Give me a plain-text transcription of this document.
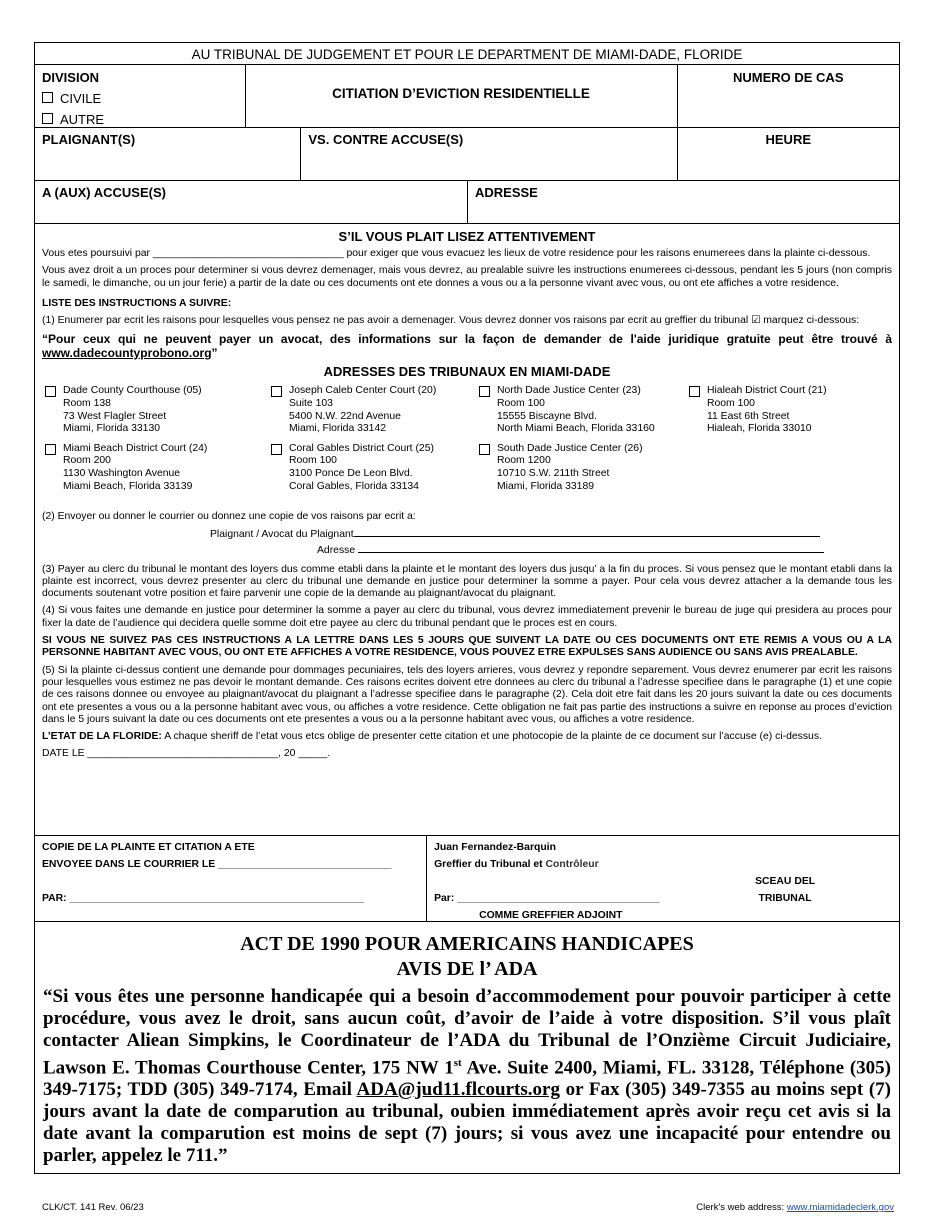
AU TRIBUNAL DE JUDGEMENT ET POUR LE DEPARTMENT DE MIAMI-DADE, FLORIDE
DIVISION
CIVILE
AUTRE
CITIATION D’EVICTION RESIDENTIELLE
NUMERO DE CAS
PLAIGNANT(S)	VS. CONTRE ACCUSE(S)	HEURE
A (AUX) ACCUSE(S)	ADRESSE
S’IL VOUS PLAIT LISEZ ATTENTIVEMENT

Vous etes poursuivi par _________________________________ pour exiger que vous evacuez les lieux de votre residence pour les raisons enumerees dans la plainte ci-dessous.

Vous avez droit a un proces pour determiner si vous devrez demenager, mais vous devrez, au prealable suivre les instructions enumerees ci-dessous, pendant les 5 jours (non compris le samedi, le dimanche, ou un jour ferie) a partir de la date ou ces documents ont ete donnes a vous ou a la personne vivant avec vous, ou ont ete affiches a votre residence.

LISTE DES INSTRUCTIONS A SUIVRE:

(1) Enumerer par ecrit les raisons pour lesquelles vous pensez ne pas avoir a demenager. Vous devrez donner vos raisons par ecrit au greffier du tribunal ☑ marquez ci-dessous:

“Pour ceux qui ne peuvent payer un avocat, des informations sur la façon de demander de l'aide juridique gratuite peut être trouvé à www.dadecountyprobono.org”

ADRESSES DES TRIBUNAUX EN MIAMI-DADE
Dade County Courthouse (05)
Room 138
73 West Flagler Street
Miami, Florida 33130
Joseph Caleb Center Court (20)
Suite 103
5400 N.W. 22nd Avenue
Miami, Florida 33142
North Dade Justice Center (23)
Room 100
15555 Biscayne Blvd.
North Miami Beach, Florida 33160
Hialeah District Court (21)
Room 100
11 East 6th Street
Hialeah, Florida 33010
Miami Beach District Court (24)
Room 200
1130 Washington Avenue
Miami Beach, Florida 33139
Coral Gables District Court (25)
Room 100
3100 Ponce De Leon Blvd.
Coral Gables, Florida 33134
South Dade Justice Center (26)
Room 1200
10710 S.W. 211th Street
Miami, Florida 33189

(2) Envoyer ou donner le courrier ou donnez une copie de vos raisons par ecrit a:

Plaignant / Avocat du Plaignant
Adresse

(3) Payer au clerc du tribunal le montant des loyers dus comme etabli dans la plainte et le montant des loyers dus jusqu’ a la fin du proces. Si vous pensez que le montant etabli dans la plainte est incorrect, vous devrez presenter au clerc du tribunal une demande en justice pour determiner la somme a payer. Pour cela vous devrez attacher a la demande tous les documents soutenant votre position et faire parvenir une copie de la demande au plaignant/avocat du plaignant.

(4) Si vous faites une demande en justice pour determiner la somme a payer au clerc du tribunal, vous devrez immediatement prevenir le bureau de juge qui presidera au proces pour fixer la date de l’audience qui decidera quelle somme doit etre payee au clerc du tribunal pendant que le proces est en cours.

SI VOUS NE SUIVEZ PAS CES INSTRUCTIONS A LA LETTRE DANS LES 5 JOURS QUE SUIVENT LA DATE OU CES DOCUMENTS ONT ETE REMIS A VOUS OU A LA PERSONNE HABITANT AVEC VOUS, OU ONT ETE AFFICHES A VOTRE RESIDENCE, VOUS POUVEZ ETRE EXPULSES SANS AUDIENCE OU SANS AVIS PREALABLE.

(5) Si la plainte ci-dessus contient une demande pour dommages pecuniaires, tels des loyers arrieres, vous devrez y repondre separement. Vous devrez enumerer par ecrit les raisons pour lesquelles vous estimez ne pas devoir le montant demande. Ces raisons ecrites doivent etre donnees au clerc du tribunal a l’adresse specifiee dans le paragraphe (1) et une copie de ces raisons donnee ou envoyee au plaignant/avocat du plaignant a l’adresse specifiee dans le paragraphe (2). Cela doit etre fait dans les 20 jours suivant la date ou ces documents ont ete presentes a vous ou a la personne habitant avec vous, ou affiches a votre residence. Cette obligation ne fait pas partie des instructions a suivre en reponse au proces d’eviction dans le 5 jours suivant la date ou ces documents ont ete presentes a vous ou a la personne habitant avec vous, ou affiches a votre residence.

L’ETAT DE LA FLORIDE: A chaque sheriff de l’etat vous etcs oblige de presenter cette citation et une photocopie de la plainte de ce document sur l’accuse (e) ci-dessus.

DATE LE _________________________________, 20 _____.

COPIE DE LA PLAINTE ET CITATION A ETE
ENVOYEE DANS LE COURRIER LE ______________________________
PAR: ___________________________________________________
Juan Fernandez-Barquin
Greffier du Tribunal et Contrôleur
SCEAU DEL
TRIBUNAL
Par: ___________________________________
COMME GREFFIER ADJOINT
ACT DE 1990 POUR AMERICAINS HANDICAPES
AVIS DE l’ ADA
“Si vous êtes une personne handicapée qui a besoin d’accommodement pour pouvoir participer à cette procédure, vous avez le droit, sans aucun coût, d’avoir de l’aide à votre disposition. S’il vous plaît contacter Aliean Simpkins, le Coordinateur de l’ADA du Tribunal de l’Onzième Circuit Judiciaire, Lawson E. Thomas Courthouse Center, 175 NW 1st Ave. Suite 2400, Miami, FL. 33128, Téléphone (305) 349-7175; TDD (305) 349-7174, Email ADA@jud11.flcourts.org or Fax (305) 349-7355 au moins sept (7) jours avant la date de comparution au tribunal, oubien immédiatement après avoir reçu cet avis si la date avant la comparution est moins de sept (7) jours; si vous avez une incapacité pour entendre ou parler, appelez le 711.”
CLK/CT. 141 Rev. 06/23	Clerk's web address: www.miamidadeclerk.gov
